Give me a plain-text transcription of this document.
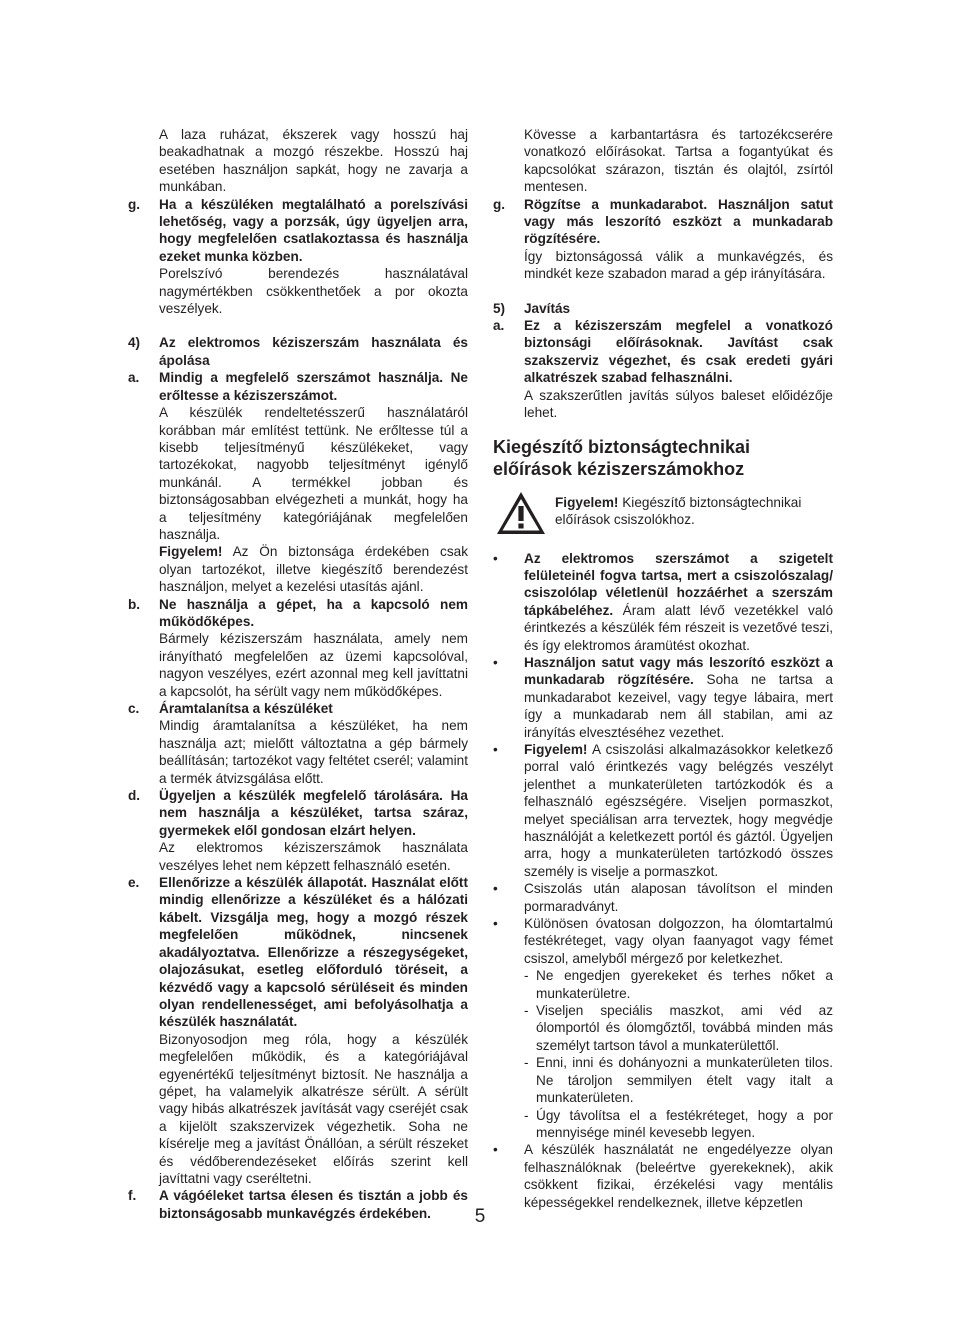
A laza ruházat, ékszerek vagy hosszú haj beakadhatnak a mozgó részekbe. Hosszú haj esetében használjon sapkát, hogy ne zavarja a munkában.
g.	Ha a készüléken megtalálható a porelszívási lehetőség, vagy a porzsák, úgy ügyeljen arra, hogy megfelelően csatlakoztassa és használja ezeket munka közben.
Porelszívó berendezés használatával nagymértékben csökkenthetőek a por okozta veszélyek.
4)	Az elektromos kéziszerszám használata és ápolása
a.	Mindig a megfelelő szerszámot használja. Ne erőltesse a kéziszerszámot.
A készülék rendeltetésszerű használatáról korábban már említést tettünk. Ne erőltesse túl a kisebb teljesítményű készülékeket, vagy tartozékokat, nagyobb teljesítményt igénylő munkánál. A termékkel jobban és biztonságosabban elvégezheti a munkát, hogy ha a teljesítmény kategóriájának megfelelően használja.
Figyelem! Az Ön biztonsága érdekében csak olyan tartozékot, illetve kiegészítő berendezést használjon, melyet a kezelési utasítás ajánl.
b.	Ne használja a gépet, ha a kapcsoló nem működőképes.
Bármely kéziszerszám használata, amely nem irányítható megfelelően az üzemi kapcsolóval, nagyon veszélyes, ezért azonnal meg kell javíttatni a kapcsolót, ha sérült vagy nem működőképes.
c.	Áramtalanítsa a készüléket
Mindig áramtalanítsa a készüléket, ha nem használja azt; mielőtt változtatna a gép bármely beállításán; tartozékot vagy feltétet cserél; valamint a termék átvizsgálása előtt.
d.	Ügyeljen a készülék megfelelő tárolására. Ha nem használja a készüléket, tartsa száraz, gyermekek elől gondosan elzárt helyen.
Az elektromos kéziszerszámok használata veszélyes lehet nem képzett felhasználó esetén.
e.	Ellenőrizze a készülék állapotát. Használat előtt mindig ellenőrizze a készüléket és a hálózati kábelt. Vizsgálja meg, hogy a mozgó részek megfelelően működnek, nincsenek akadályoztatva. Ellenőrizze a részegységeket, olajozásukat, esetleg előforduló töréseit, a kézvédő vagy a kapcsoló sérüléseit és minden olyan rendellenességet, ami befolyásolhatja a készülék használatát.
Bizonyosodjon meg róla, hogy a készülék megfelelően működik, és a kategóriájával egyenértékű teljesítményt biztosít. Ne használja a gépet, ha valamelyik alkatrésze sérült. A sérült vagy hibás alkatrészek javítását vagy cseréjét csak a kijelölt szakszervizek végezhetik. Soha ne kísérelje meg a javítást Önállóan, a sérült részeket és védőberendezéseket előírás szerint kell javíttatni vagy cseréltetni.
f.	A vágóéleket tartsa élesen és tisztán a jobb és biztonságosabb munkavégzés érdekében.
Kövesse a karbantartásra és tartozékcserére vonatkozó előírásokat. Tartsa a fogantyúkat és kapcsolókat szárazon, tisztán és olajtól, zsírtól mentesen.
g.	Rögzítse a munkadarabot. Használjon satut vagy más leszorító eszközt a munkadarab rögzítésére.
Így biztonságossá válik a munkavégzés, és mindkét keze szabadon marad a gép irányítására.
5)	Javítás
a.	Ez a kéziszerszám megfelel a vonatkozó biztonsági előírásoknak. Javítást csak szakszerviz végezhet, és csak eredeti gyári alkatrészek szabad felhasználni.
A szakszerűtlen javítás súlyos baleset előidézője lehet.
Kiegészítő biztonságtechnikai előírások kéziszerszámokhoz
Figyelem! Kiegészítő biztonságtechnikai előírások csiszolókhoz.
•	Az elektromos szerszámot a szigetelt felületeinél fogva tartsa, mert a csiszolószalag/ csiszolólap véletlenül hozzáérhet a szerszám tápkábeléhez. Áram alatt lévő vezetékkel való érintkezés a készülék fém részeit is vezetővé teszi, és így elektromos áramütést okozhat.
•	Használjon satut vagy más leszorító eszközt a munkadarab rögzítésére. Soha ne tartsa a munkadarabot kezeivel, vagy tegye lábaira, mert így a munkadarab nem áll stabilan, ami az irányítás elvesztéséhez vezethet.
•	Figyelem! A csiszolási alkalmazásokkor keletkező porral való érintkezés vagy belégzés veszélyt jelenthet a munkaterületen tartózkodók és a felhasználó egészségére. Viseljen pormaszkot, melyet speciálisan arra terveztek, hogy megvédje használóját a keletkezett portól és gáztól. Ügyeljen arra, hogy a munkaterületen tartózkodó összes személy is viselje a pormaszkot.
•	Csiszolás után alaposan távolítson el minden pormaradványt.
•	Különösen óvatosan dolgozzon, ha ólomtartalmú festékréteget, vagy olyan faanyagot vagy fémet csiszol, amelyből mérgező por keletkezhet.
- Ne engedjen gyerekeket és terhes nőket a munkaterületre.
- Viseljen speciális maszkot, ami véd az ólomportól és ólomgőztől, továbbá minden más személyt tartson távol a munkaterülettől.
- Enni, inni és dohányozni a munkaterületen tilos. Ne tároljon semmilyen ételt vagy italt a munkaterületen.
- Úgy távolítsa el a festékréteget, hogy a por mennyisége minél kevesebb legyen.
•	A készülék használatát ne engedélyezze olyan felhasználóknak (beleértve gyerekeknek), akik csökkent fizikai, érzékelési vagy mentális képességekkel rendelkeznek, illetve képzetlen
5
